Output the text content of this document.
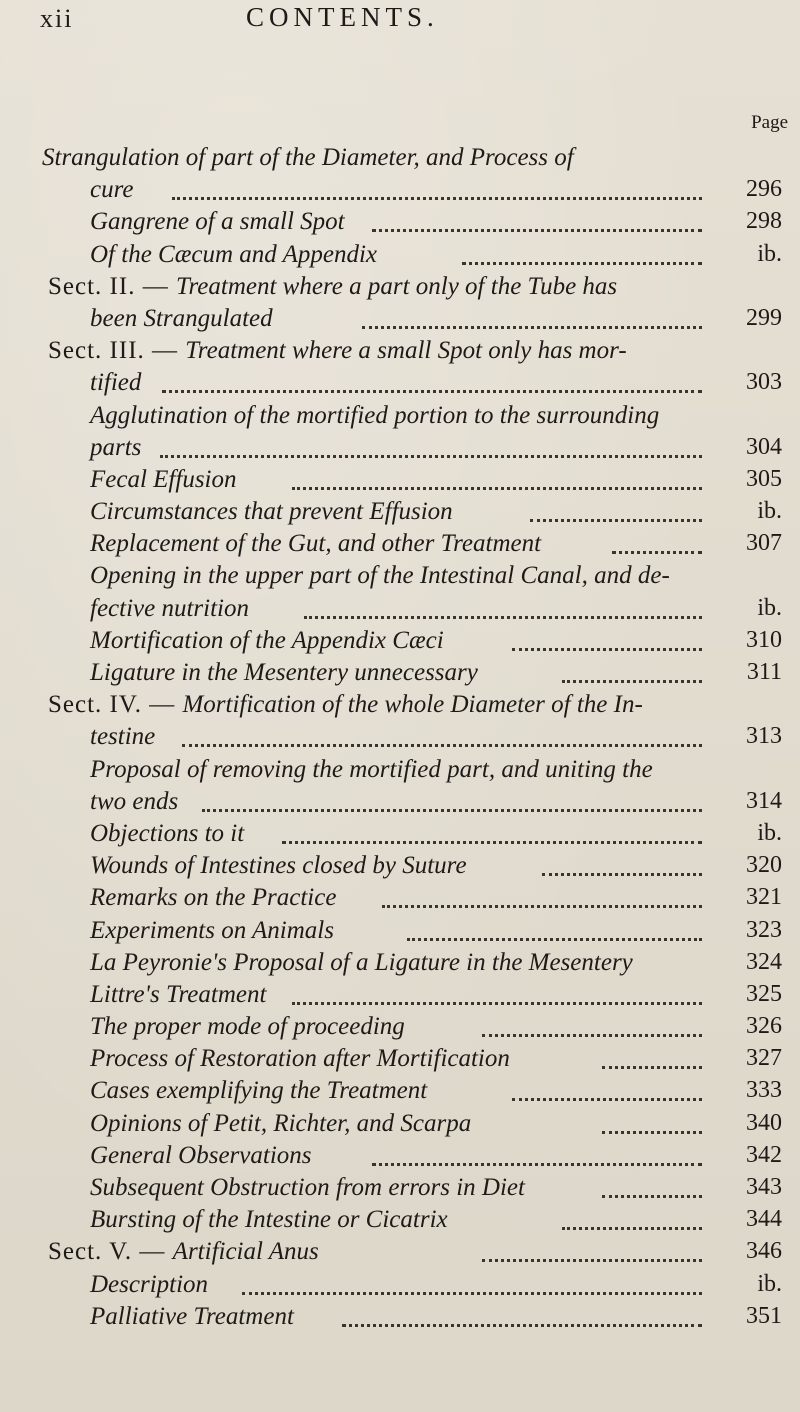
xii	CONTENTS.
Page
Strangulation of part of the Diameter, and Process of
cure	296
Gangrene of a small Spot	298
Of the Cæcum and Appendix	ib.
Sect. II. — Treatment where a part only of the Tube has
been Strangulated	299
Sect. III. — Treatment where a small Spot only has mor-
tified	303
Agglutination of the mortified portion to the surrounding
parts	304
Fecal Effusion	305
Circumstances that prevent Effusion	ib.
Replacement of the Gut, and other Treatment	307
Opening in the upper part of the Intestinal Canal, and de-
fective nutrition	ib.
Mortification of the Appendix Cæci	310
Ligature in the Mesentery unnecessary	311
Sect. IV. — Mortification of the whole Diameter of the In-
testine	313
Proposal of removing the mortified part, and uniting the
two ends	314
Objections to it	ib.
Wounds of Intestines closed by Suture	320
Remarks on the Practice	321
Experiments on Animals	323
La Peyronie's Proposal of a Ligature in the Mesentery	324
Littre's Treatment	325
The proper mode of proceeding	326
Process of Restoration after Mortification	327
Cases exemplifying the Treatment	333
Opinions of Petit, Richter, and Scarpa	340
General Observations	342
Subsequent Obstruction from errors in Diet	343
Bursting of the Intestine or Cicatrix	344
Sect. V. — Artificial Anus	346
Description	ib.
Palliative Treatment	351
